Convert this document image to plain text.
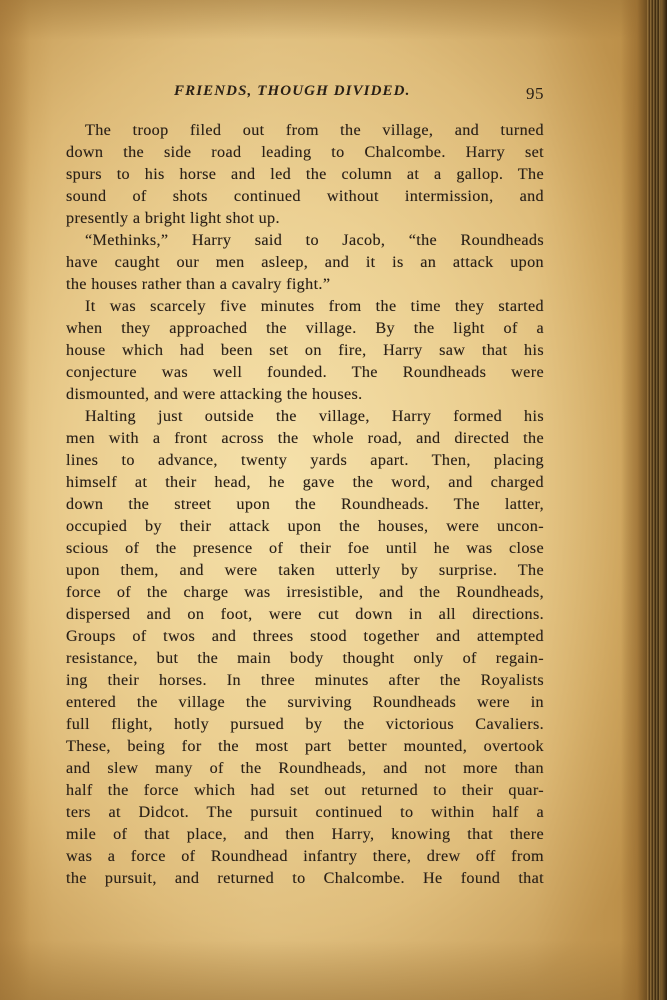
FRIENDS, THOUGH DIVIDED.	95
The troop filed out from the village, and turned
down the side road leading to Chalcombe. Harry set
spurs to his horse and led the column at a gallop. The
sound of shots continued without intermission, and
presently a bright light shot up.
“Methinks,” Harry said to Jacob, “the Roundheads
have caught our men asleep, and it is an attack upon
the houses rather than a cavalry fight.”
It was scarcely five minutes from the time they started
when they approached the village. By the light of a
house which had been set on fire, Harry saw that his
conjecture was well founded. The Roundheads were
dismounted, and were attacking the houses.
Halting just outside the village, Harry formed his
men with a front across the whole road, and directed the
lines to advance, twenty yards apart. Then, placing
himself at their head, he gave the word, and charged
down the street upon the Roundheads. The latter,
occupied by their attack upon the houses, were uncon-
scious of the presence of their foe until he was close
upon them, and were taken utterly by surprise. The
force of the charge was irresistible, and the Roundheads,
dispersed and on foot, were cut down in all directions.
Groups of twos and threes stood together and attempted
resistance, but the main body thought only of regain-
ing their horses. In three minutes after the Royalists
entered the village the surviving Roundheads were in
full flight, hotly pursued by the victorious Cavaliers.
These, being for the most part better mounted, overtook
and slew many of the Roundheads, and not more than
half the force which had set out returned to their quar-
ters at Didcot. The pursuit continued to within half a
mile of that place, and then Harry, knowing that there
was a force of Roundhead infantry there, drew off from
the pursuit, and returned to Chalcombe. He found that
